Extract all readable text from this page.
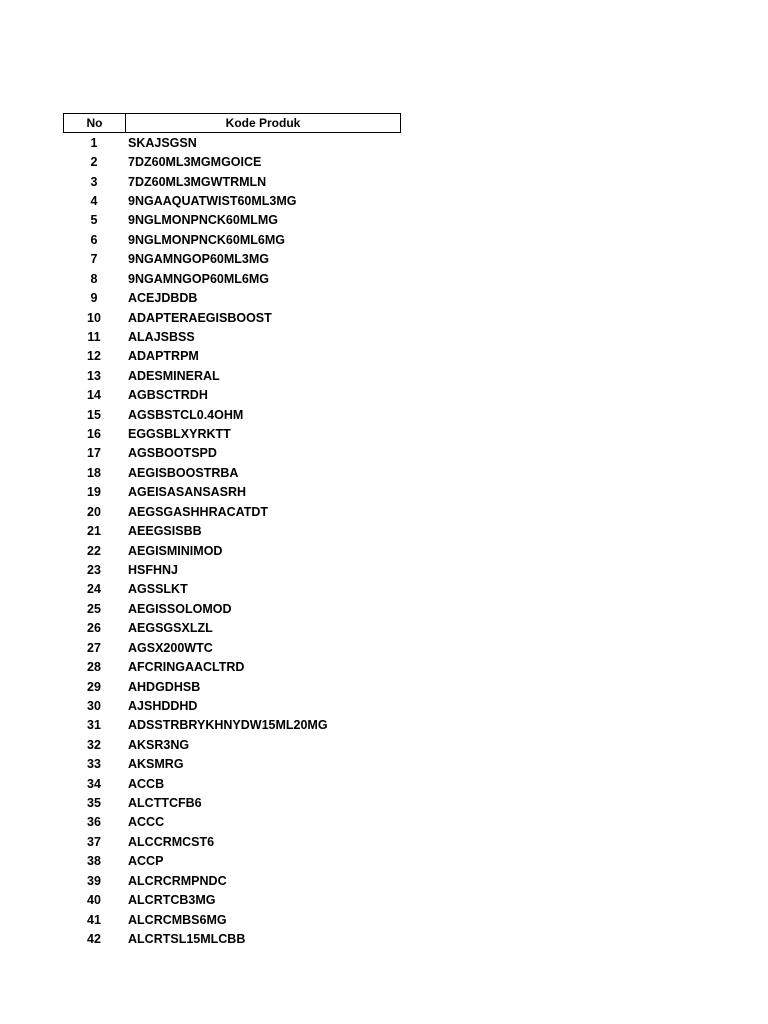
No	Kode Produk
1	SKAJSGSN
2	7DZ60ML3MGMGOICE
3	7DZ60ML3MGWTRMLN
4	9NGAAQUATWIST60ML3MG
5	9NGLMONPNCK60MLMG
6	9NGLMONPNCK60ML6MG
7	9NGAMNGOP60ML3MG
8	9NGAMNGOP60ML6MG
9	ACEJDBDB
10	ADAPTERAEGISBOOST
11	ALAJSBSS
12	ADAPTRPM
13	ADESMINERAL
14	AGBSCTRDH
15	AGSBSTCL0.4OHM
16	EGGSBLXYRKTT
17	AGSBOOTSPD
18	AEGISBOOSTRBA
19	AGEISASANSASRH
20	AEGSGASHHRACATDT
21	AEEGSISBB
22	AEGISMINIMOD
23	HSFHNJ
24	AGSSLKT
25	AEGISSOLOMOD
26	AEGSGSXLZL
27	AGSX200WTC
28	AFCRINGAACLTRD
29	AHDGDHSB
30	AJSHDDHD
31	ADSSTRBRYKHNYDW15ML20MG
32	AKSR3NG
33	AKSMRG
34	ACCB
35	ALCTTCFB6
36	ACCC
37	ALCCRMCST6
38	ACCP
39	ALCRCRMPNDC
40	ALCRTCB3MG
41	ALCRCMBS6MG
42	ALCRTSL15MLCBB
